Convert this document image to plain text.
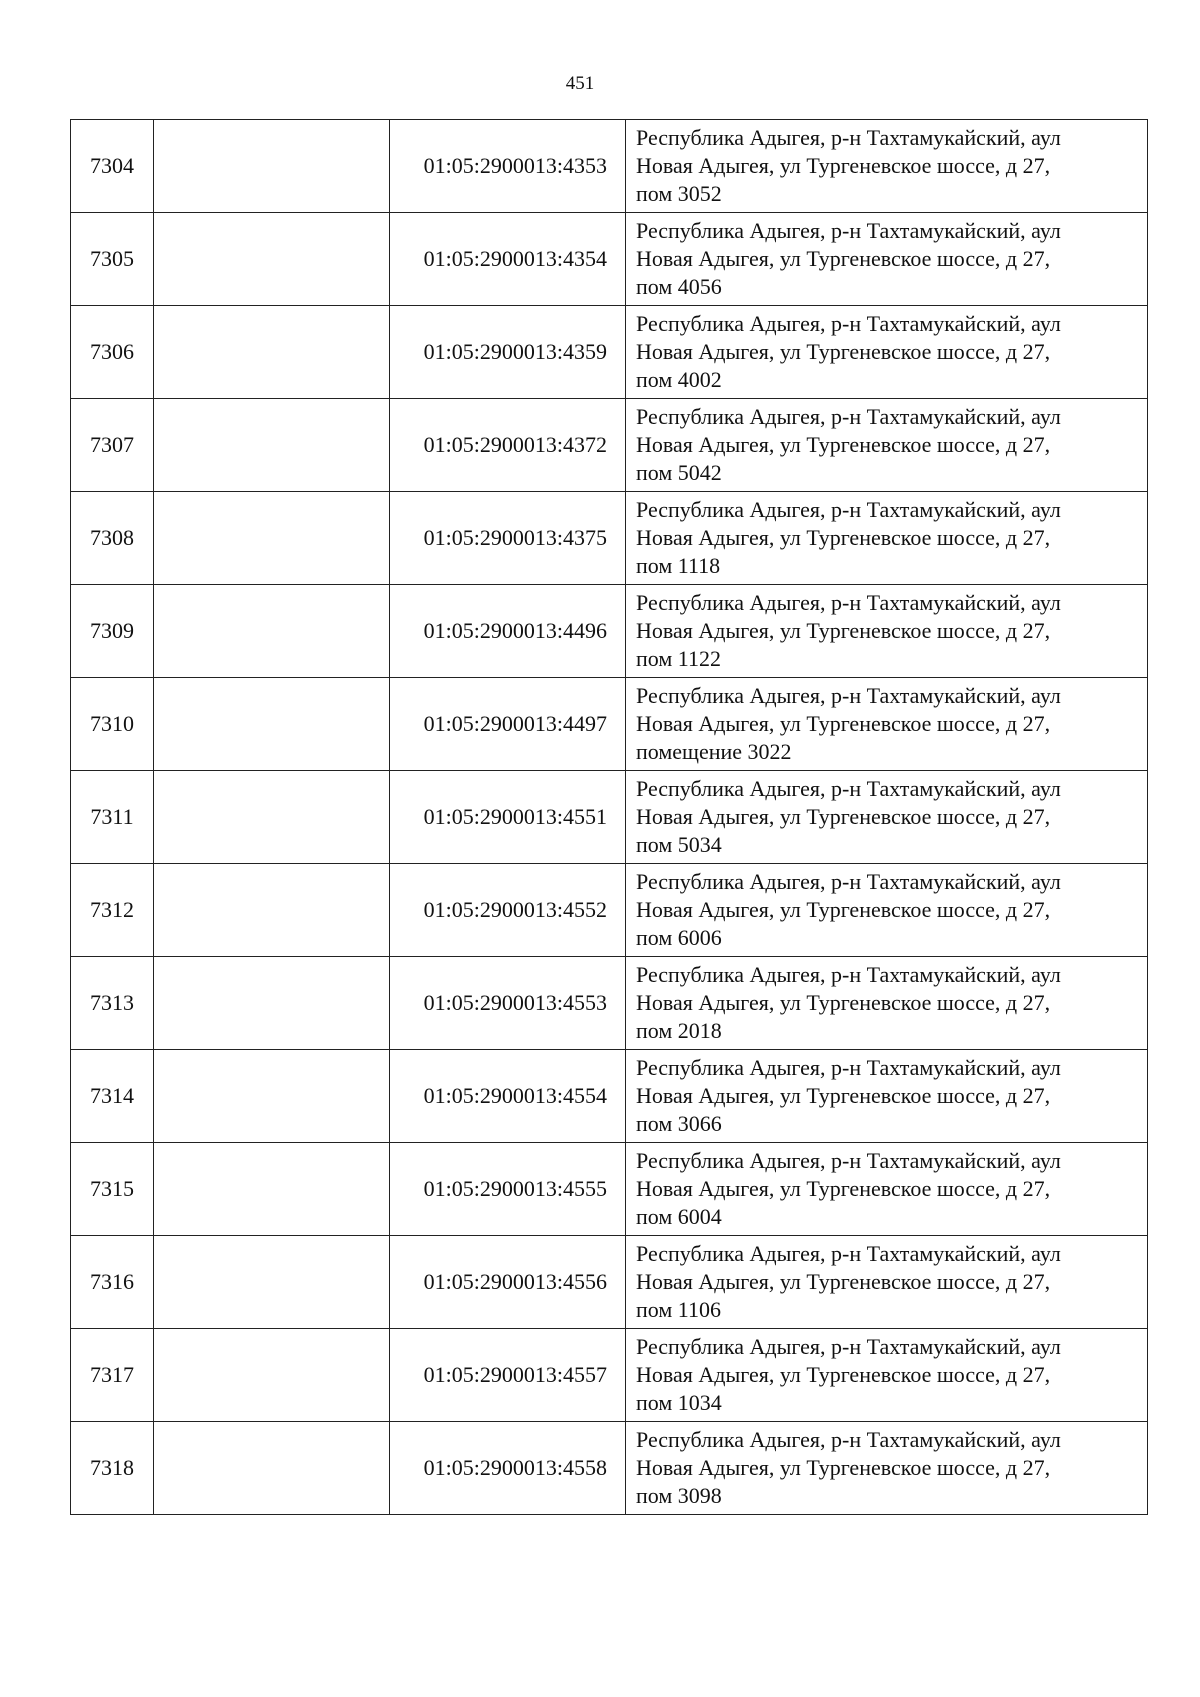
451
7304		01:05:2900013:4353	Республика Адыгея, р-н Тахтамукайский, аул
Новая Адыгея, ул Тургеневское шоссе, д 27,
пом 3052

7305		01:05:2900013:4354	Республика Адыгея, р-н Тахтамукайский, аул
Новая Адыгея, ул Тургеневское шоссе, д 27,
пом 4056

7306		01:05:2900013:4359	Республика Адыгея, р-н Тахтамукайский, аул
Новая Адыгея, ул Тургеневское шоссе, д 27,
пом 4002

7307		01:05:2900013:4372	Республика Адыгея, р-н Тахтамукайский, аул
Новая Адыгея, ул Тургеневское шоссе, д 27,
пом 5042

7308		01:05:2900013:4375	Республика Адыгея, р-н Тахтамукайский, аул
Новая Адыгея, ул Тургеневское шоссе, д 27,
пом 1118

7309		01:05:2900013:4496	Республика Адыгея, р-н Тахтамукайский, аул
Новая Адыгея, ул Тургеневское шоссе, д 27,
пом 1122

7310		01:05:2900013:4497	Республика Адыгея, р-н Тахтамукайский, аул
Новая Адыгея, ул Тургеневское шоссе, д 27,
помещение 3022

7311		01:05:2900013:4551	Республика Адыгея, р-н Тахтамукайский, аул
Новая Адыгея, ул Тургеневское шоссе, д 27,
пом 5034

7312		01:05:2900013:4552	Республика Адыгея, р-н Тахтамукайский, аул
Новая Адыгея, ул Тургеневское шоссе, д 27,
пом 6006

7313		01:05:2900013:4553	Республика Адыгея, р-н Тахтамукайский, аул
Новая Адыгея, ул Тургеневское шоссе, д 27,
пом 2018

7314		01:05:2900013:4554	Республика Адыгея, р-н Тахтамукайский, аул
Новая Адыгея, ул Тургеневское шоссе, д 27,
пом 3066

7315		01:05:2900013:4555	Республика Адыгея, р-н Тахтамукайский, аул
Новая Адыгея, ул Тургеневское шоссе, д 27,
пом 6004

7316		01:05:2900013:4556	Республика Адыгея, р-н Тахтамукайский, аул
Новая Адыгея, ул Тургеневское шоссе, д 27,
пом 1106

7317		01:05:2900013:4557	Республика Адыгея, р-н Тахтамукайский, аул
Новая Адыгея, ул Тургеневское шоссе, д 27,
пом 1034

7318		01:05:2900013:4558	Республика Адыгея, р-н Тахтамукайский, аул
Новая Адыгея, ул Тургеневское шоссе, д 27,
пом 3098
